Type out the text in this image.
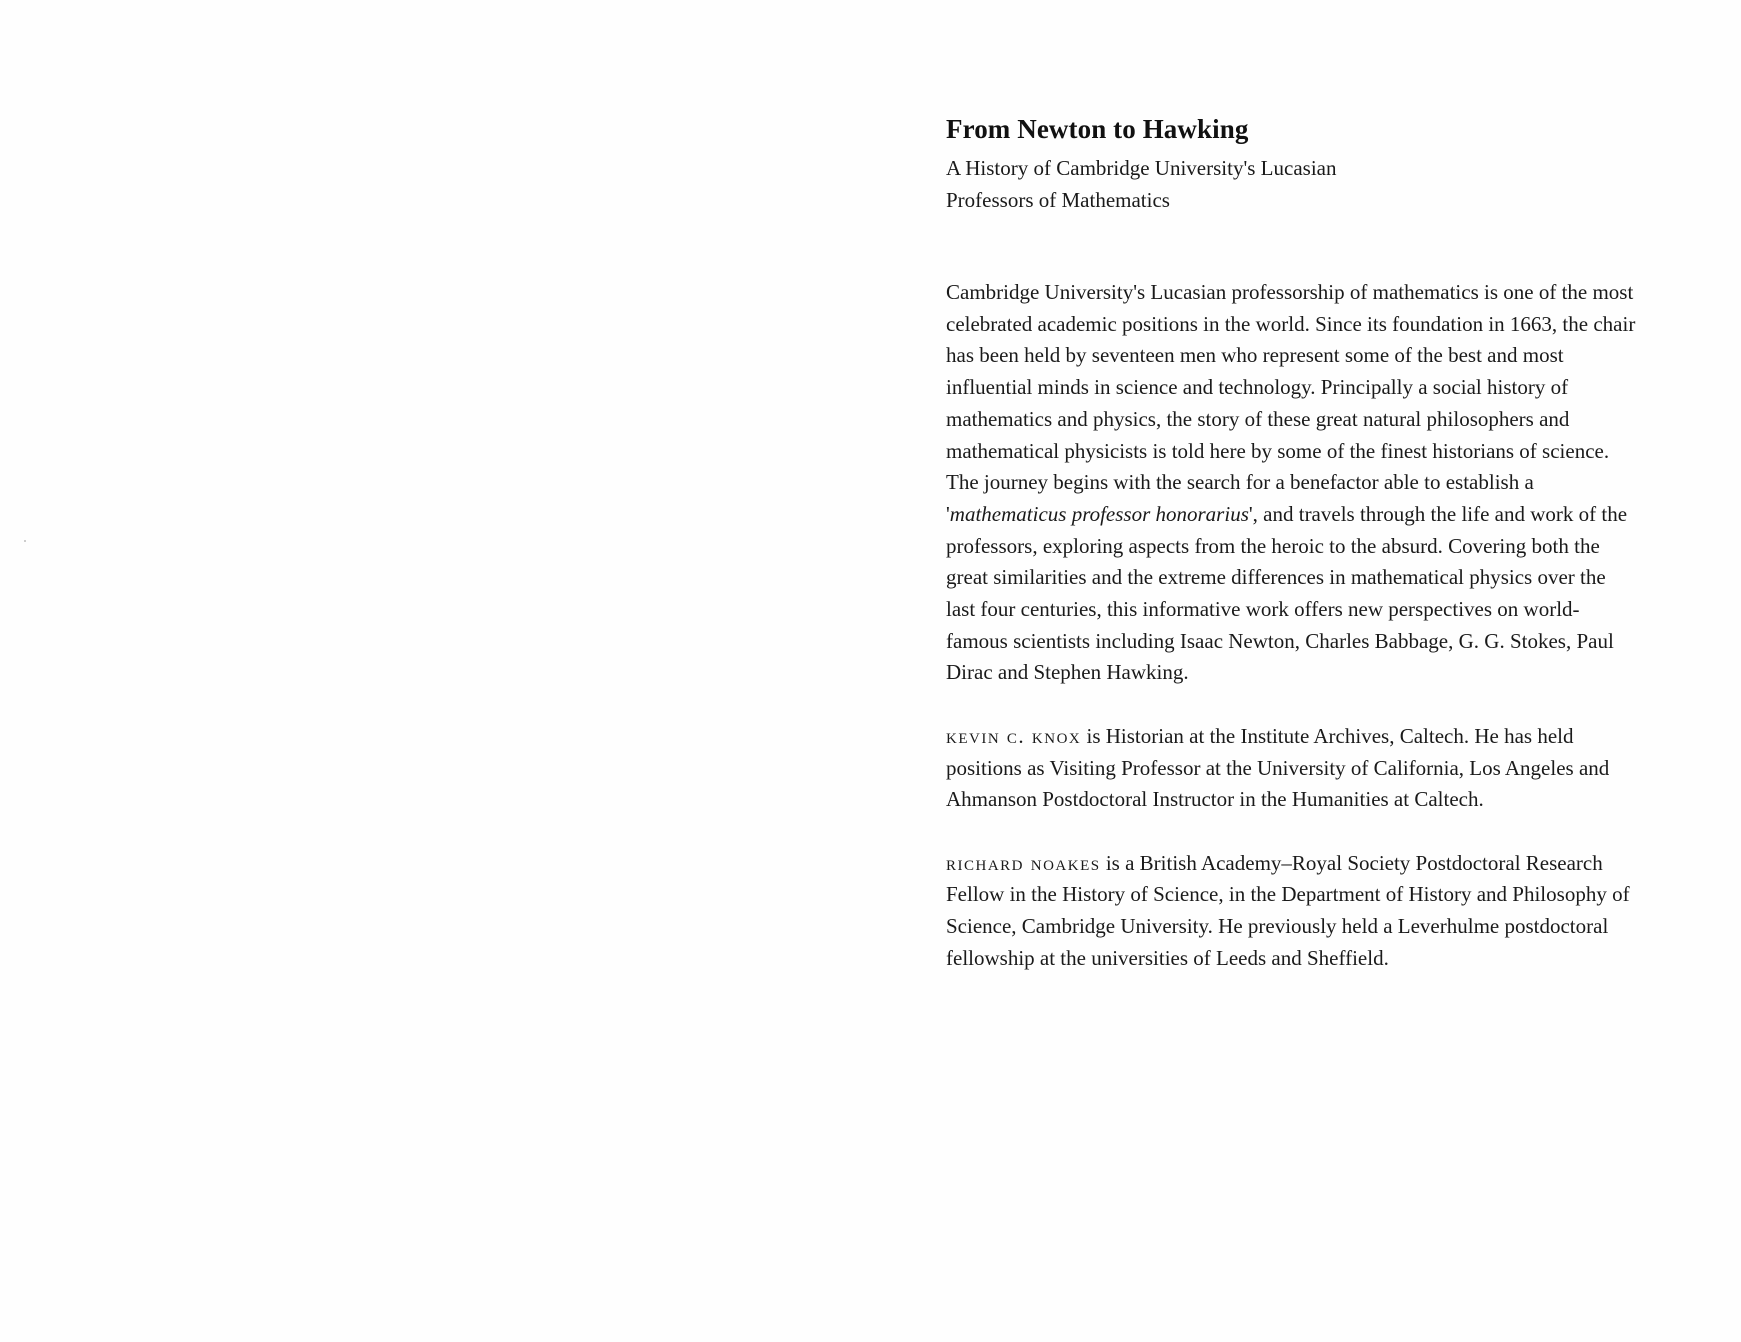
From Newton to Hawking

A History of Cambridge University's Lucasian Professors of Mathematics

Cambridge University's Lucasian professorship of mathematics is one of the most celebrated academic positions in the world. Since its foundation in 1663, the chair has been held by seventeen men who represent some of the best and most influential minds in science and technology. Principally a social history of mathematics and physics, the story of these great natural philosophers and mathematical physicists is told here by some of the finest historians of science. The journey begins with the search for a benefactor able to establish a 'mathematicus professor honorarius', and travels through the life and work of the professors, exploring aspects from the heroic to the absurd. Covering both the great similarities and the extreme differences in mathematical physics over the last four centuries, this informative work offers new perspectives on world-famous scientists including Isaac Newton, Charles Babbage, G. G. Stokes, Paul Dirac and Stephen Hawking.

kevin c. knox is Historian at the Institute Archives, Caltech. He has held positions as Visiting Professor at the University of California, Los Angeles and Ahmanson Postdoctoral Instructor in the Humanities at Caltech.

richard noakes is a British Academy–Royal Society Postdoctoral Research Fellow in the History of Science, in the Department of History and Philosophy of Science, Cambridge University. He previously held a Leverhulme postdoctoral fellowship at the universities of Leeds and Sheffield.
